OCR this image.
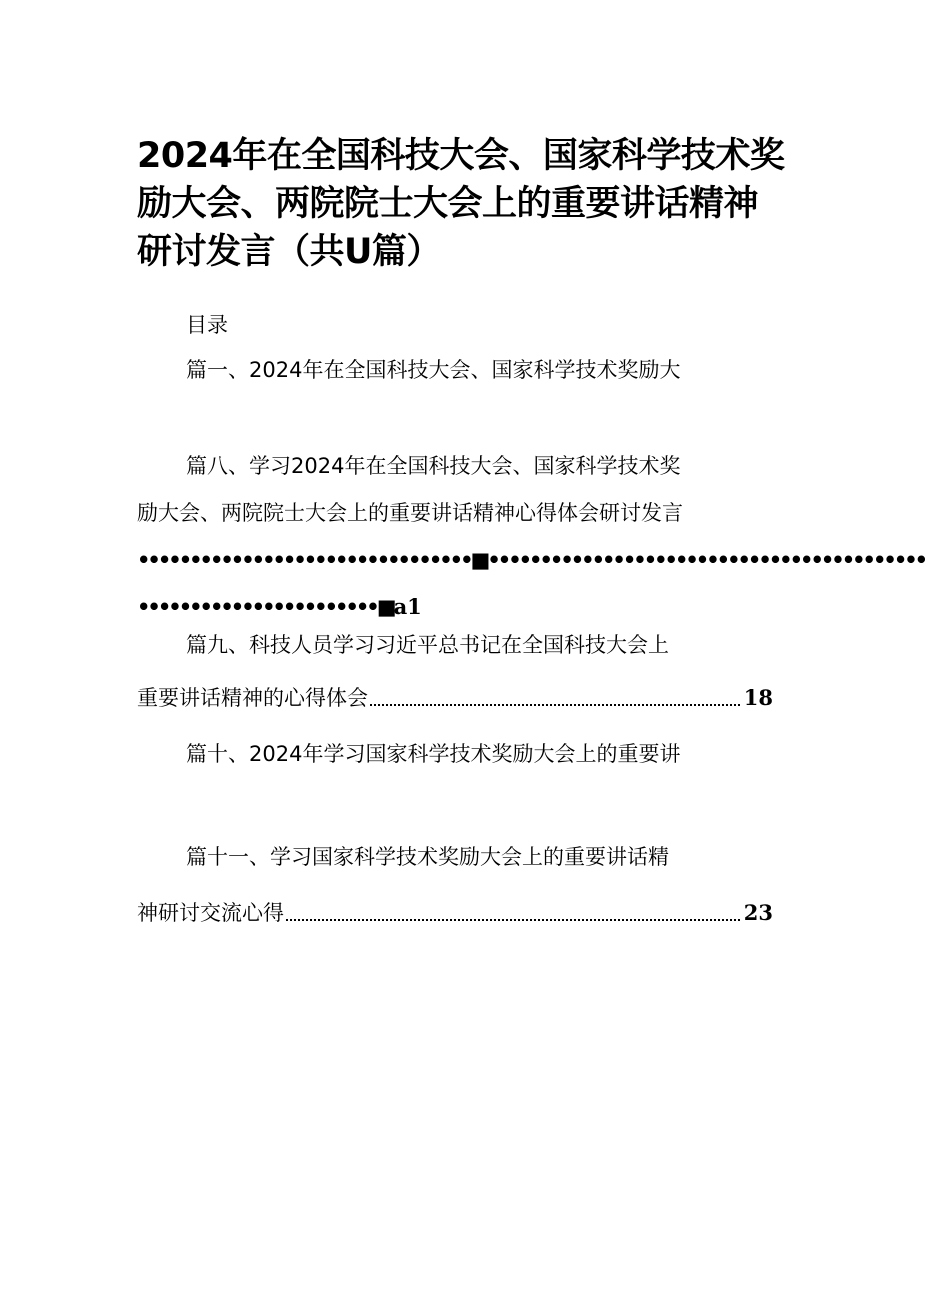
2024年在全国科技大会、国家科学技术奖励大会、两院院士大会上的重要讲话精神研讨发言（共U篇）
目录
篇一、2024年在全国科技大会、国家科学技术奖励大
篇八、学习2024年在全国科技大会、国家科学技术奖
励大会、两院院士大会上的重要讲话精神心得体会研讨发言
••••••••••••••••••••••••••••••••■••••••••••••••••••••••••••••••••••••••••••
•••••••••••••••••••••••■a1
篇九、科技人员学习习近平总书记在全国科技大会上
重要讲话精神的心得体会	18
篇十、2024年学习国家科学技术奖励大会上的重要讲
篇十一、学习国家科学技术奖励大会上的重要讲话精
神研讨交流心得	23
